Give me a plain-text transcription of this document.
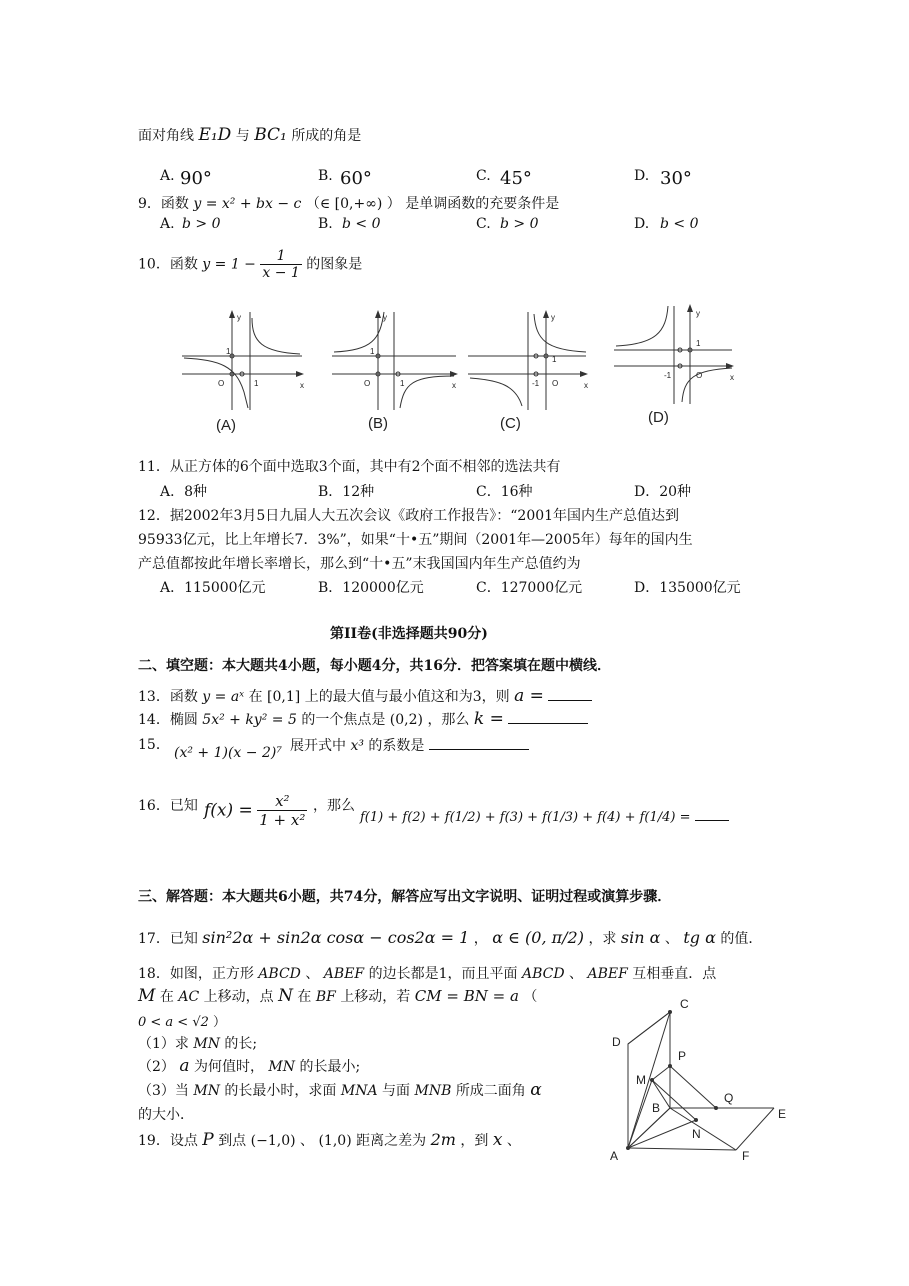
面对角线 E₁D 与 BC₁ 所成的角是
A. 90°	B. 60°	C. 45°	D. 30°
9．函数 y = x² + bx − c （∈ [0,+∞) ） 是单调函数的充要条件是
A. b > 0	B. b < 0	C. b > 0	D. b < 0
10．函数 $y = 1 - \frac{1}{x - 1}$ 的图象是
y
x
O
1
1
y
x
O
1
1
y
x
O
1
-1
y
x
O
1
-1
(A)	(B)	(C)	(D)
11．从正方体的6个面中选取3个面，其中有2个面不相邻的选法共有
A．8种	B．12种	C．16种	D．20种
12．据2002年3月5日九届人大五次会议《政府工作报告》：“2001年国内生产总值达到
95933亿元，比上年增长7．3%”，如果“十•五”期间（2001年—2005年）每年的国内生
产总值都按此年增长率增长，那么到“十•五”末我国国内年生产总值约为
A．115000亿元	B．120000亿元	C．127000亿元	D．135000亿元
第II卷(非选择题共90分)
二、填空题：本大题共4小题，每小题4分，共16分．把答案填在题中横线．
13．函数 y = aˣ 在 [0,1] 上的最大值与最小值这和为3，则 a =
14．椭圆 5x² + ky² = 5 的一个焦点是 (0,2) ，那么 k =
15． (x² + 1)(x − 2)⁷ 展开式中 x³ 的系数是
16．已知 $f(x) = \frac{\text{x²}}{\text{1 + x²}}$ ，那么
f(1) + f(2) + f(1/2) + f(3) + f(1/3) + f(4) + f(1/4) =
三、解答题：本大题共6小题，共74分，解答应写出文字说明、证明过程或演算步骤．
17．已知 sin²2α + sin2α cosα − cos2α = 1 ， α ∈ (0, π/2) ，求 sin α 、 tg α 的值．
18．如图，正方形 ABCD 、 ABEF 的边长都是1，而且平面 ABCD 、 ABEF 互相垂直．点
M 在 AC 上移动，点 N 在 BF 上移动，若 CM = BN = a （
0 < a < √2 ）
（1）求 MN 的长;
（2） a 为何值时， MN 的长最小;
（3）当 MN 的长最小时，求面 MNA 与面 MNB 所成二面角 α
的大小．
19．设点 P 到点 (−1,0) 、 (1,0) 距离之差为 2m ，到 x 、
C
D
P
M
Q
B	E
N
A	F
